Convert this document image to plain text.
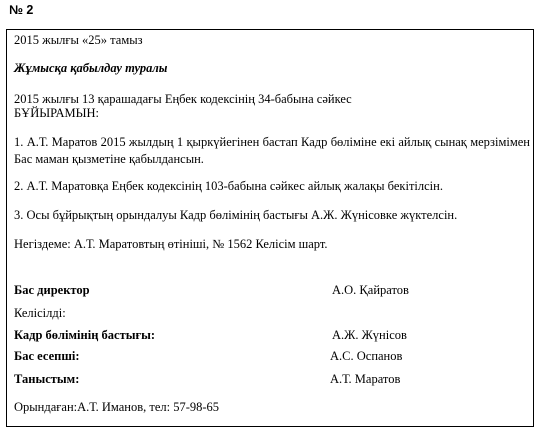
№ 2
2015 жылғы «25» тамыз
Жұмысқа қабылдау туралы
2015 жылғы 13 қарашадағы Еңбек кодексінің 34-бабына сәйкес
БҰЙЫРАМЫН:
1. А.Т. Маратов 2015 жылдың 1 қыркүйегінен бастап Кадр бөліміне екі айлық сынақ мерзімімен Бас маман қызметіне қабылдансын.
2. А.Т. Маратовқа Еңбек кодексінің 103-бабына сәйкес айлық жалақы бекітілсін.
3. Осы бұйрықтың орындалуы Кадр бөлімінің бастығы А.Ж. Жүнісовке жүктелсін.
Негіздеме: А.Т. Маратовтың өтініші, № 1562 Келісім шарт.
Бас директор	А.О. Қайратов
Келісілді:
Кадр бөлімінің бастығы:	А.Ж. Жүнісов
Бас есепші:	А.С. Оспанов
Таныстым:	А.Т. Маратов
Орындаған:А.Т. Иманов, тел: 57-98-65
